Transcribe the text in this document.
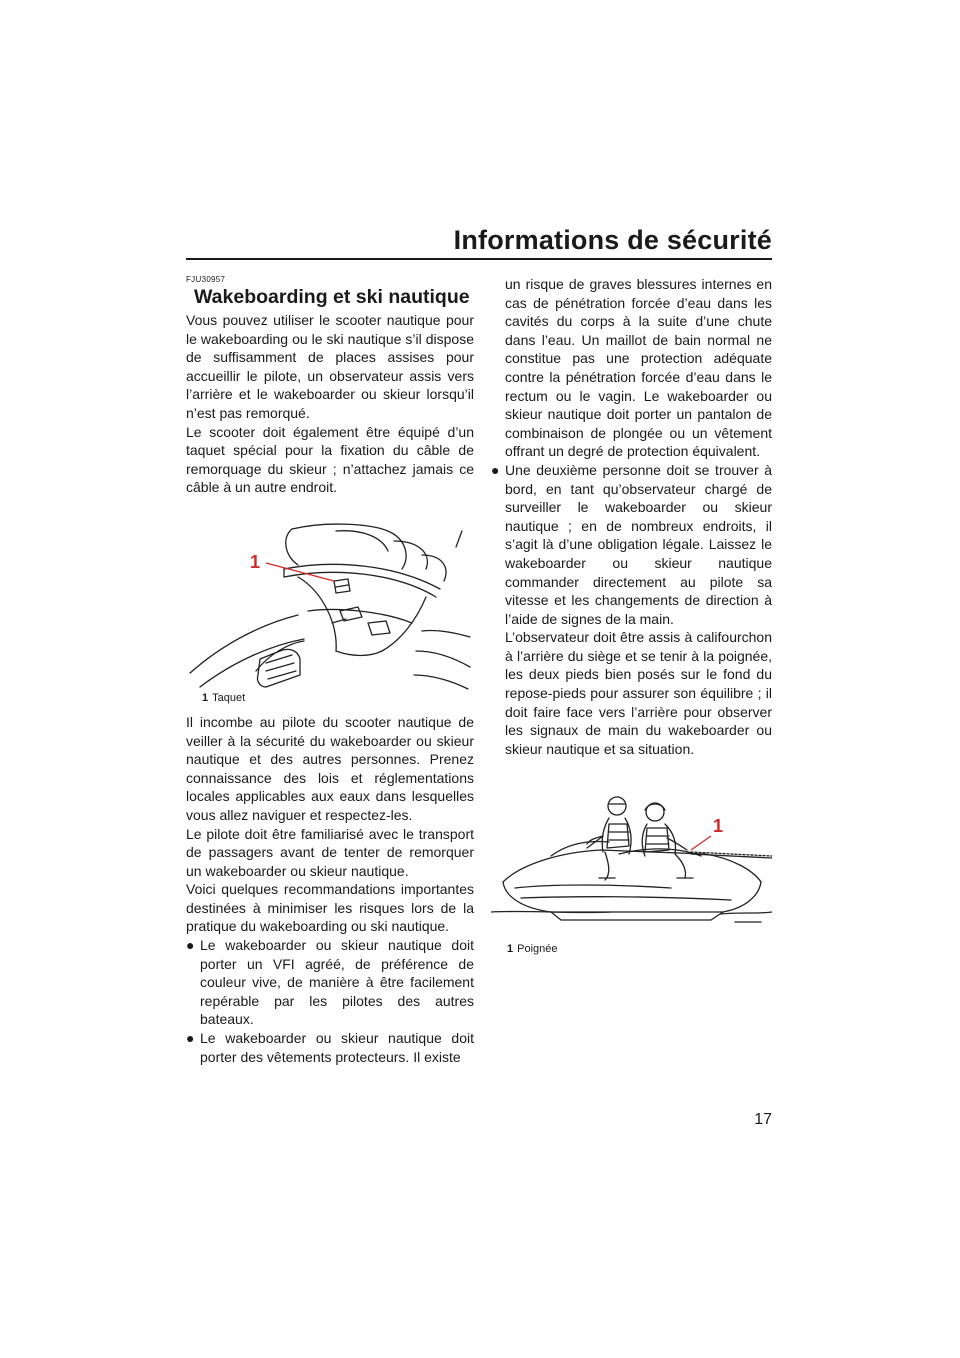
Informations de sécurité
FJU30957
Wakeboarding et ski nautique

Vous pouvez utiliser le scooter nautique pour le wakeboarding ou le ski nautique s’il dispose de suffisamment de places assises pour accueillir le pilote, un observateur assis vers l’arrière et le wakeboarder ou skieur lorsqu’il n’est pas remorqué.

Le scooter doit également être équipé d’un taquet spécial pour la fixation du câble de remorquage du skieur ; n’attachez jamais ce câble à un autre endroit.

1
1 Taquet

Il incombe au pilote du scooter nautique de veiller à la sécurité du wakeboarder ou skieur nautique et des autres personnes. Prenez connaissance des lois et réglementations locales applicables aux eaux dans lesquelles vous allez naviguer et respectez-les.

Le pilote doit être familiarisé avec le transport de passagers avant de tenter de remorquer un wakeboarder ou skieur nautique.

Voici quelques recommandations importantes destinées à minimiser les risques lors de la pratique du wakeboarding ou ski nautique.

● Le wakeboarder ou skieur nautique doit porter un VFI agréé, de préférence de couleur vive, de manière à être facilement repérable par les pilotes des autres bateaux.
● Le wakeboarder ou skieur nautique doit porter des vêtements protecteurs. Il existe

un risque de graves blessures internes en cas de pénétration forcée d’eau dans les cavités du corps à la suite d’une chute dans l’eau. Un maillot de bain normal ne constitue pas une protection adéquate contre la pénétration forcée d’eau dans le rectum ou le vagin. Le wakeboarder ou skieur nautique doit porter un pantalon de combinaison de plongée ou un vêtement offrant un degré de protection équivalent.

● Une deuxième personne doit se trouver à bord, en tant qu’observateur chargé de surveiller le wakeboarder ou skieur nautique ; en de nombreux endroits, il s’agit là d’une obligation légale. Laissez le wakeboarder ou skieur nautique commander directement au pilote sa vitesse et les changements de direction à l’aide de signes de la main.

L’observateur doit être assis à califourchon à l’arrière du siège et se tenir à la poignée, les deux pieds bien posés sur le fond du repose-pieds pour assurer son équilibre ; il doit faire face vers l’arrière pour observer les signaux de main du wakeboarder ou skieur nautique et sa situation.

1
1 Poignée
17
